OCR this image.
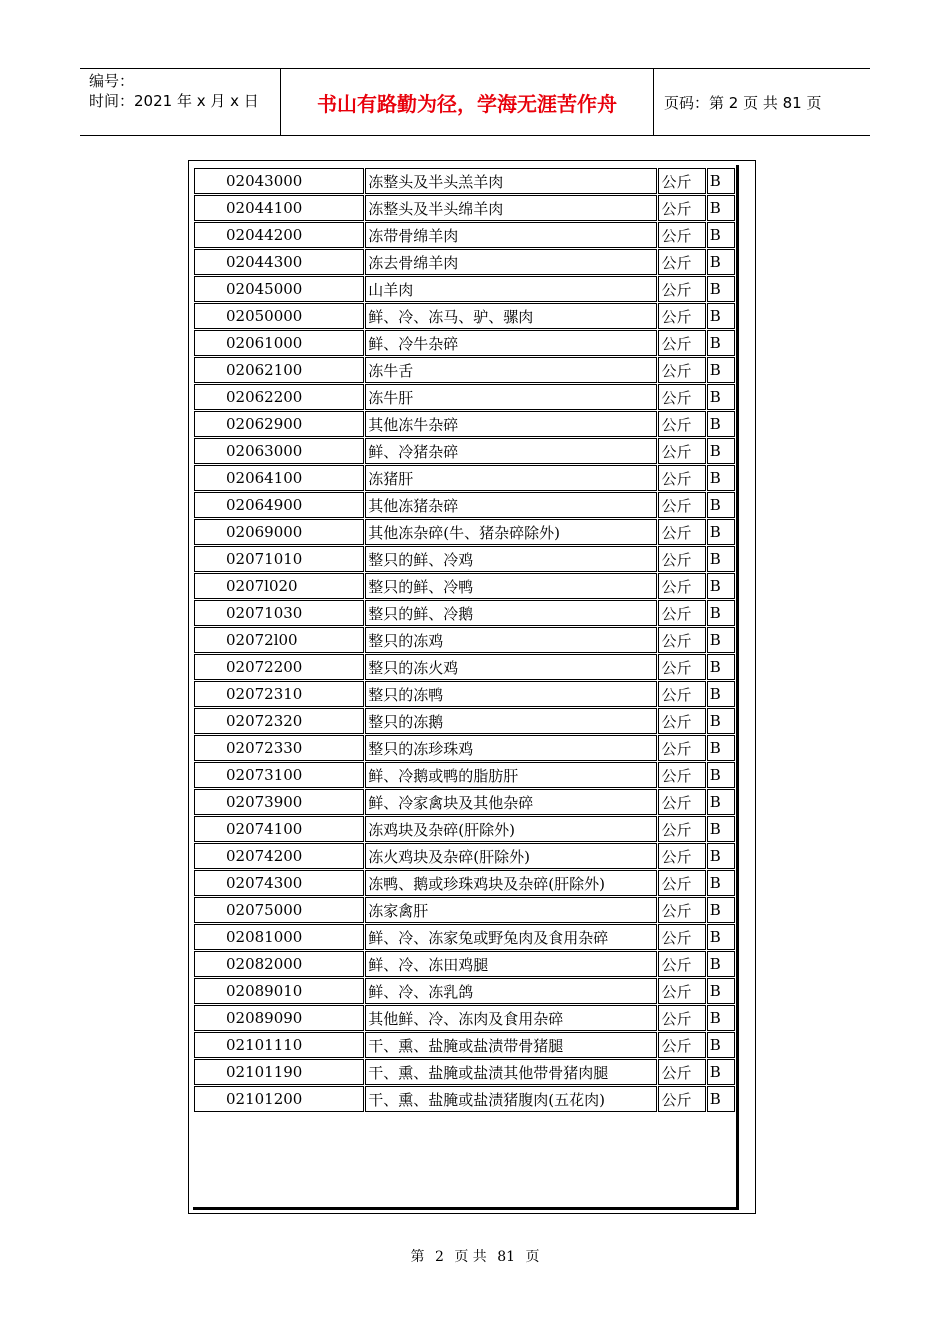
编号：
时间：2021 年 x 月 x 日	书山有路勤为径，学海无涯苦作舟	页码：第 2 页 共 81 页
02043000	冻整头及半头羔羊肉	公斤	B
02044100	冻整头及半头绵羊肉	公斤	B
02044200	冻带骨绵羊肉	公斤	B
02044300	冻去骨绵羊肉	公斤	B
02045000	山羊肉	公斤	B
02050000	鲜、冷、冻马、驴、骡肉	公斤	B
02061000	鲜、冷牛杂碎	公斤	B
02062100	冻牛舌	公斤	B
02062200	冻牛肝	公斤	B
02062900	其他冻牛杂碎	公斤	B
02063000	鲜、冷猪杂碎	公斤	B
02064100	冻猪肝	公斤	B
02064900	其他冻猪杂碎	公斤	B
02069000	其他冻杂碎(牛、猪杂碎除外)	公斤	B
02071010	整只的鲜、冷鸡	公斤	B
0207l020	整只的鲜、冷鸭	公斤	B
02071030	整只的鲜、冷鹅	公斤	B
02072l00	整只的冻鸡	公斤	B
02072200	整只的冻火鸡	公斤	B
02072310	整只的冻鸭	公斤	B
02072320	整只的冻鹅	公斤	B
02072330	整只的冻珍珠鸡	公斤	B
02073100	鲜、冷鹅或鸭的脂肪肝	公斤	B
02073900	鲜、冷家禽块及其他杂碎	公斤	B
02074100	冻鸡块及杂碎(肝除外)	公斤	B
02074200	冻火鸡块及杂碎(肝除外)	公斤	B
02074300	冻鸭、鹅或珍珠鸡块及杂碎(肝除外)	公斤	B
02075000	冻家禽肝	公斤	B
02081000	鲜、冷、冻家兔或野兔肉及食用杂碎	公斤	B
02082000	鲜、冷、冻田鸡腿	公斤	B
02089010	鲜、冷、冻乳鸽	公斤	B
02089090	其他鲜、冷、冻肉及食用杂碎	公斤	B
02101110	干、熏、盐腌或盐渍带骨猪腿	公斤	B
02101190	干、熏、盐腌或盐渍其他带骨猪肉腿	公斤	B
02101200	干、熏、盐腌或盐渍猪腹肉(五花肉)	公斤	B
第 2 页 共 81 页
